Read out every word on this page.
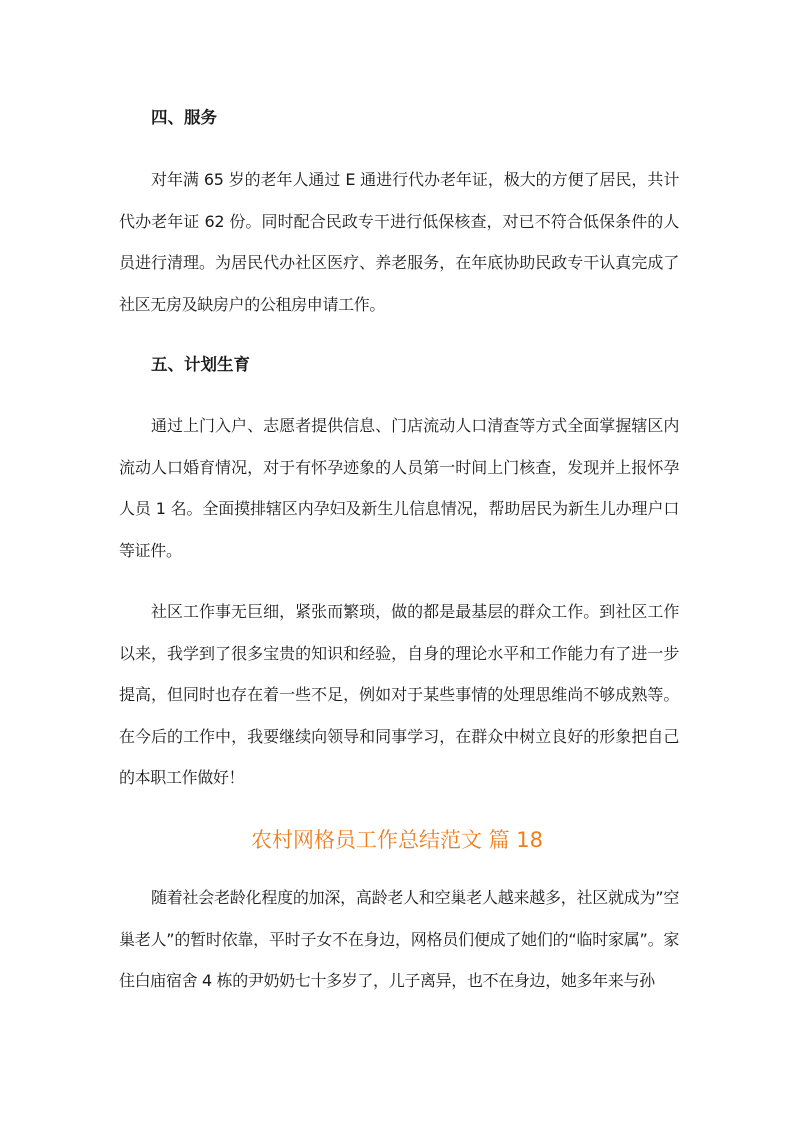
四、服务

对年满 65 岁的老年人通过 E 通进行代办老年证，极大的方便了居民，共计代办老年证 62 份。同时配合民政专干进行低保核查，对已不符合低保条件的人员进行清理。为居民代办社区医疗、养老服务，在年底协助民政专干认真完成了社区无房及缺房户的公租房申请工作。

五、计划生育

通过上门入户、志愿者提供信息、门店流动人口清查等方式全面掌握辖区内流动人口婚育情况，对于有怀孕迹象的人员第一时间上门核查，发现并上报怀孕人员 1 名。全面摸排辖区内孕妇及新生儿信息情况，帮助居民为新生儿办理户口等证件。

社区工作事无巨细，紧张而繁琐，做的都是最基层的群众工作。到社区工作以来，我学到了很多宝贵的知识和经验，自身的理论水平和工作能力有了进一步提高，但同时也存在着一些不足，例如对于某些事情的处理思维尚不够成熟等。在今后的工作中，我要继续向领导和同事学习，在群众中树立良好的形象把自己的本职工作做好！

农村网格员工作总结范文 篇 18

随着社会老龄化程度的加深，高龄老人和空巢老人越来越多，社区就成为”空巢老人”的暂时依靠，平时子女不在身边，网格员们便成了她们的“临时家属”。家住白庙宿舍 4 栋的尹奶奶七十多岁了，儿子离异，也不在身边，她多年来与孙
